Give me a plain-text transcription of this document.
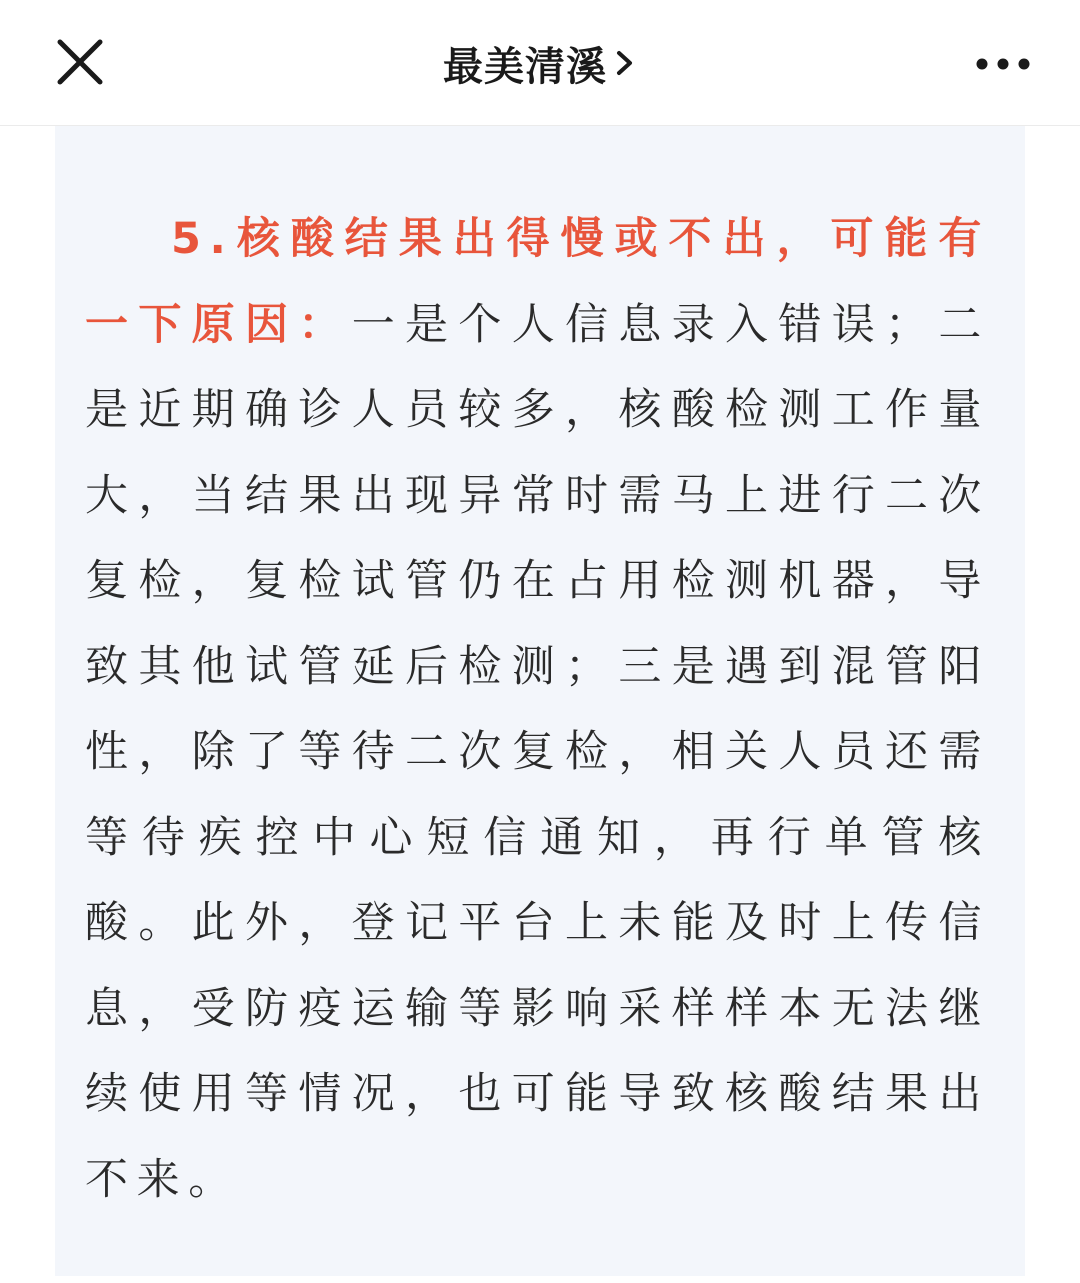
最美清溪

5.核酸结果出得慢或不出，可能有一下原因：一是个人信息录入错误；二是近期确诊人员较多，核酸检测工作量大，当结果出现异常时需马上进行二次复检，复检试管仍在占用检测机器，导致其他试管延后检测；三是遇到混管阳性，除了等待二次复检，相关人员还需等待疾控中心短信通知，再行单管核酸。此外，登记平台上未能及时上传信息，受防疫运输等影响采样样本无法继续使用等情况，也可能导致核酸结果出不来。
